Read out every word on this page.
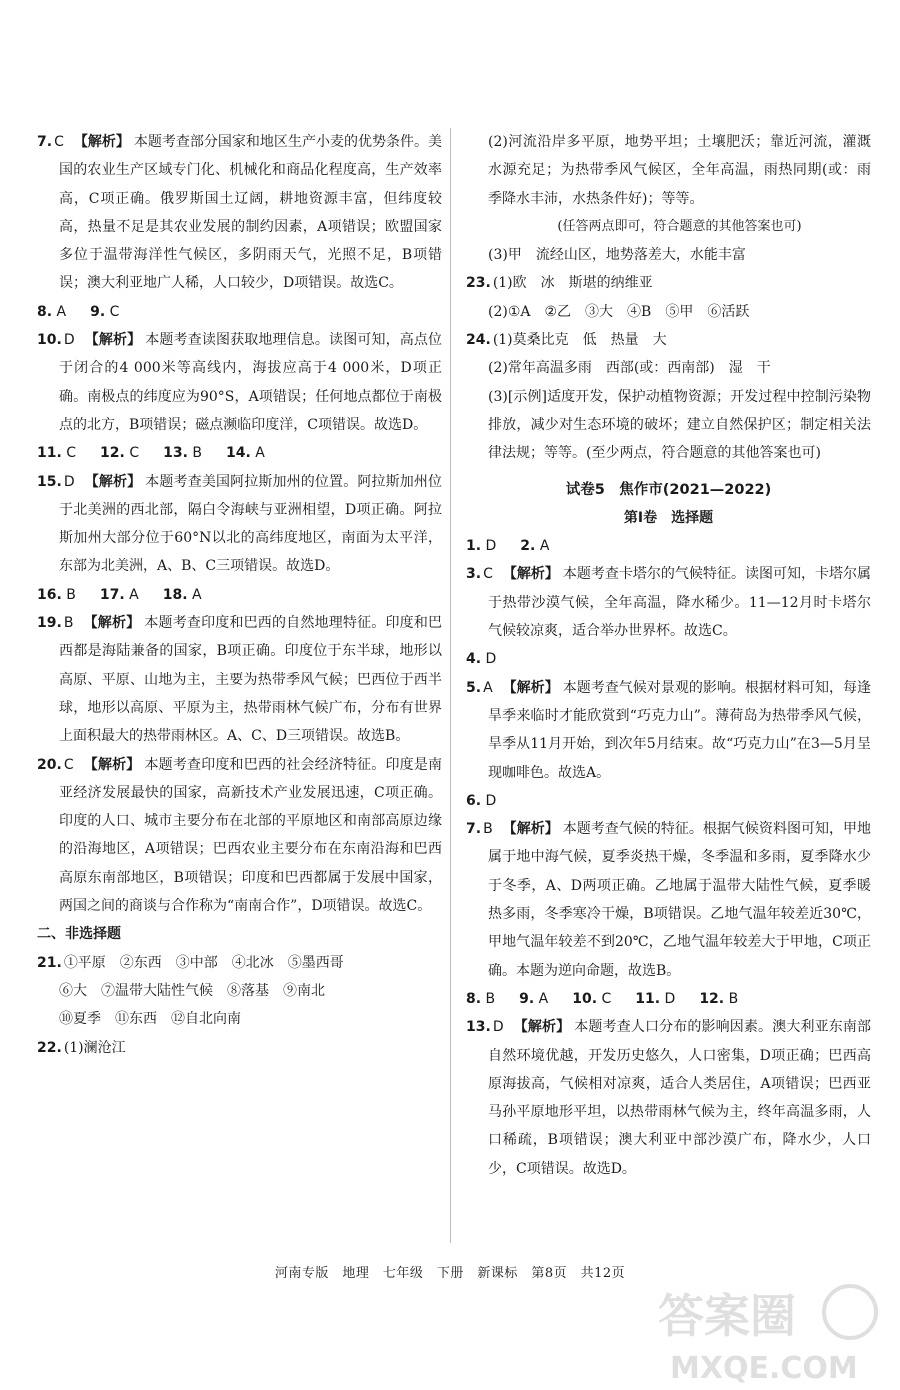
7. C 【解析】 本题考查部分国家和地区生产小麦的优势条件。美国的农业生产区域专门化、机械化和商品化程度高，生产效率高，C项正确。俄罗斯国土辽阔，耕地资源丰富，但纬度较高，热量不足是其农业发展的制约因素，A项错误；欧盟国家多位于温带海洋性气候区，多阴雨天气，光照不足，B项错误；澳大利亚地广人稀，人口较少，D项错误。故选C。

8. A  9. C 

10. D 【解析】 本题考查读图获取地理信息。读图可知，高点位于闭合的4 000米等高线内，海拔应高于4 000米，D项正确。南极点的纬度应为90°S，A项错误；任何地点都位于南极点的北方，B项错误；磁点濒临印度洋，C项错误。故选D。

11. C  12. C  13. B  14. A 

15. D 【解析】 本题考查美国阿拉斯加州的位置。阿拉斯加州位于北美洲的西北部，隔白令海峡与亚洲相望，D项正确。阿拉斯加州大部分位于60°N以北的高纬度地区，南面为太平洋，东部为北美洲，A、B、C三项错误。故选D。

16. B  17. A  18. A 

19. B 【解析】 本题考查印度和巴西的自然地理特征。印度和巴西都是海陆兼备的国家，B项正确。印度位于东半球，地形以高原、平原、山地为主，主要为热带季风气候；巴西位于西半球，地形以高原、平原为主，热带雨林气候广布，分布有世界上面积最大的热带雨林区。A、C、D三项错误。故选B。

20. C 【解析】 本题考查印度和巴西的社会经济特征。印度是南亚经济发展最快的国家，高新技术产业发展迅速，C项正确。印度的人口、城市主要分布在北部的平原地区和南部高原边缘的沿海地区，A项错误；巴西农业主要分布在东南沿海和巴西高原东南部地区，B项错误；印度和巴西都属于发展中国家，两国之间的商谈与合作称为“南南合作”，D项错误。故选C。

二、非选择题

21. ①平原　②东西　③中部　④北冰　⑤墨西哥

⑥大　⑦温带大陆性气候　⑧落基　⑨南北

⑩夏季　⑪东西　⑫自北向南

22. (1)澜沧江

(2)河流沿岸多平原，地势平坦；土壤肥沃；靠近河流，灌溉水源充足；为热带季风气候区，全年高温，雨热同期(或：雨季降水丰沛，水热条件好)；等等。

(任答两点即可，符合题意的其他答案也可)

(3)甲　流经山区，地势落差大，水能丰富

23. (1)欧　冰　斯堪的纳维亚

(2)①A　②乙　③大　④B　⑤甲　⑥活跃

24. (1)莫桑比克　低　热量　大

(2)常年高温多雨　西部(或：西南部)　湿　干

(3)[示例]适度开发，保护动植物资源；开发过程中控制污染物排放，减少对生态环境的破坏；建立自然保护区；制定相关法律法规；等等。(至少两点，符合题意的其他答案也可)

试卷5　焦作市(2021—2022)

第Ⅰ卷　选择题

1. D  2. A 

3. C 【解析】 本题考查卡塔尔的气候特征。读图可知，卡塔尔属于热带沙漠气候，全年高温，降水稀少。11—12月时卡塔尔气候较凉爽，适合举办世界杯。故选C。

4. D 

5. A 【解析】 本题考查气候对景观的影响。根据材料可知，每逢旱季来临时才能欣赏到“巧克力山”。薄荷岛为热带季风气候，旱季从11月开始，到次年5月结束。故“巧克力山”在3—5月呈现咖啡色。故选A。

6. D 

7. B 【解析】 本题考查气候的特征。根据气候资料图可知，甲地属于地中海气候，夏季炎热干燥，冬季温和多雨，夏季降水少于冬季，A、D两项正确。乙地属于温带大陆性气候，夏季暖热多雨，冬季寒冷干燥，B项错误。乙地气温年较差近30℃，甲地气温年较差不到20℃，乙地气温年较差大于甲地，C项正确。本题为逆向命题，故选B。

8. B  9. A  10. C  11. D  12. B 

13. D 【解析】 本题考查人口分布的影响因素。澳大利亚东南部自然环境优越，开发历史悠久，人口密集，D项正确；巴西高原海拔高，气候相对凉爽，适合人类居住，A项错误；巴西亚马孙平原地形平坦，以热带雨林气候为主，终年高温多雨，人口稀疏，B项错误；澳大利亚中部沙漠广布，降水少，人口少，C项错误。故选D。

河南专版　地理　七年级　下册　新课标　第8页　共12页
答案圈
MXQE.COM
